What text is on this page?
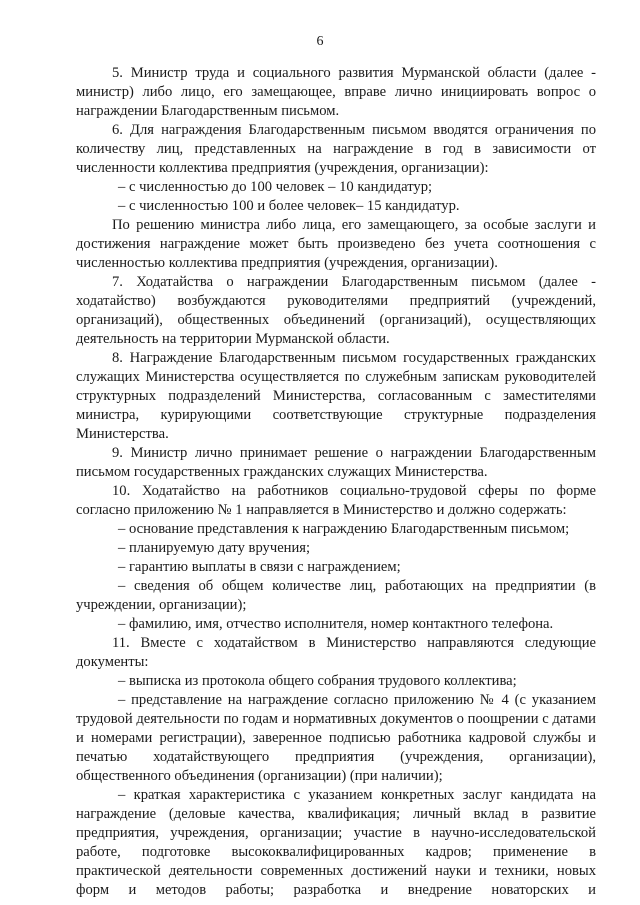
6

5. Министр труда и социального развития Мурманской области (далее - министр) либо лицо, его замещающее, вправе лично инициировать вопрос о награждении Благодарственным письмом.

6. Для награждения Благодарственным письмом вводятся ограничения по количеству лиц, представленных на награждение в год в зависимости от численности коллектива предприятия (учреждения, организации):

– с численностью до 100 человек – 10 кандидатур;

– с численностью 100 и более человек– 15 кандидатур.

По решению министра либо лица, его замещающего, за особые заслуги и достижения награждение может быть произведено без учета соотношения с численностью коллектива предприятия (учреждения, организации).

7. Ходатайства о награждении Благодарственным письмом (далее - ходатайство) возбуждаются руководителями предприятий (учреждений, организаций), общественных объединений (организаций), осуществляющих деятельность на территории Мурманской области.

8. Награждение Благодарственным письмом государственных гражданских служащих Министерства осуществляется по служебным запискам руководителей структурных подразделений Министерства, согласованным с заместителями министра, курирующими соответствующие структурные подразделения Министерства.

9. Министр лично принимает решение о награждении Благодарственным письмом государственных гражданских служащих Министерства.

10. Ходатайство на работников социально-трудовой сферы по форме согласно приложению № 1 направляется в Министерство и должно содержать:

– основание представления к награждению Благодарственным письмом;

– планируемую дату вручения;

– гарантию выплаты в связи с награждением;

– сведения об общем количестве лиц, работающих на предприятии (в учреждении, организации);

– фамилию, имя, отчество исполнителя, номер контактного телефона.

11. Вместе с ходатайством в Министерство направляются следующие документы:

– выписка из протокола общего собрания трудового коллектива;

– представление на награждение согласно приложению № 4 (с указанием трудовой деятельности по годам и нормативных документов о поощрении с датами и номерами регистрации), заверенное подписью работника кадровой службы и печатью ходатайствующего предприятия (учреждения, организации), общественного объединения (организации) (при наличии);

– краткая характеристика с указанием конкретных заслуг кандидата на награждение (деловые качества, квалификация; личный вклад в развитие предприятия, учреждения, организации; участие в научно-исследовательской работе, подготовке высококвалифицированных кадров; применение в практической деятельности современных достижений науки и техники, новых форм и методов работы; разработка и внедрение новаторских и
